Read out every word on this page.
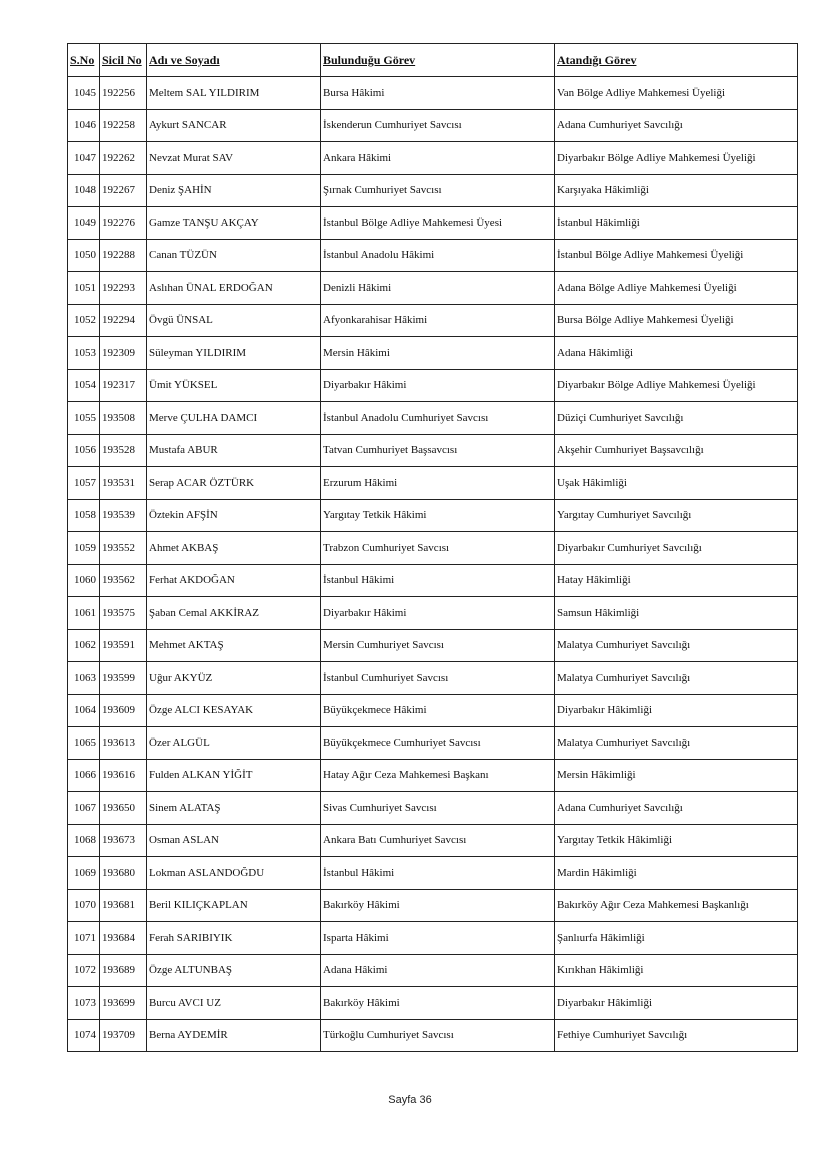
S.No	Sicil No	Adı ve Soyadı	Bulunduğu Görev	Atandığı Görev
1045	192256	Meltem SAL YILDIRIM	Bursa Hâkimi	Van Bölge Adliye Mahkemesi Üyeliği
1046	192258	Aykurt SANCAR	İskenderun Cumhuriyet Savcısı	Adana Cumhuriyet Savcılığı
1047	192262	Nevzat Murat SAV	Ankara Hâkimi	Diyarbakır Bölge Adliye Mahkemesi Üyeliği
1048	192267	Deniz ŞAHİN	Şırnak Cumhuriyet Savcısı	Karşıyaka Hâkimliği
1049	192276	Gamze TANŞU AKÇAY	İstanbul Bölge Adliye Mahkemesi Üyesi	İstanbul Hâkimliği
1050	192288	Canan TÜZÜN	İstanbul Anadolu Hâkimi	İstanbul Bölge Adliye Mahkemesi Üyeliği
1051	192293	Aslıhan ÜNAL ERDOĞAN	Denizli Hâkimi	Adana Bölge Adliye Mahkemesi Üyeliği
1052	192294	Övgü ÜNSAL	Afyonkarahisar Hâkimi	Bursa Bölge Adliye Mahkemesi Üyeliği
1053	192309	Süleyman YILDIRIM	Mersin Hâkimi	Adana Hâkimliği
1054	192317	Ümit YÜKSEL	Diyarbakır Hâkimi	Diyarbakır Bölge Adliye Mahkemesi Üyeliği
1055	193508	Merve ÇULHA DAMCI	İstanbul Anadolu Cumhuriyet Savcısı	Düziçi Cumhuriyet Savcılığı
1056	193528	Mustafa ABUR	Tatvan Cumhuriyet Başsavcısı	Akşehir Cumhuriyet Başsavcılığı
1057	193531	Serap ACAR ÖZTÜRK	Erzurum Hâkimi	Uşak Hâkimliği
1058	193539	Öztekin AFŞİN	Yargıtay Tetkik Hâkimi	Yargıtay Cumhuriyet Savcılığı
1059	193552	Ahmet AKBAŞ	Trabzon Cumhuriyet Savcısı	Diyarbakır Cumhuriyet Savcılığı
1060	193562	Ferhat AKDOĞAN	İstanbul Hâkimi	Hatay Hâkimliği
1061	193575	Şaban Cemal AKKİRAZ	Diyarbakır Hâkimi	Samsun Hâkimliği
1062	193591	Mehmet AKTAŞ	Mersin Cumhuriyet Savcısı	Malatya Cumhuriyet Savcılığı
1063	193599	Uğur AKYÜZ	İstanbul Cumhuriyet Savcısı	Malatya Cumhuriyet Savcılığı
1064	193609	Özge ALCI KESAYAK	Büyükçekmece Hâkimi	Diyarbakır Hâkimliği
1065	193613	Özer ALGÜL	Büyükçekmece Cumhuriyet Savcısı	Malatya Cumhuriyet Savcılığı
1066	193616	Fulden ALKAN YİĞİT	Hatay Ağır Ceza Mahkemesi Başkanı	Mersin Hâkimliği
1067	193650	Sinem ALATAŞ	Sivas Cumhuriyet Savcısı	Adana Cumhuriyet Savcılığı
1068	193673	Osman ASLAN	Ankara Batı Cumhuriyet Savcısı	Yargıtay Tetkik Hâkimliği
1069	193680	Lokman ASLANDOĞDU	İstanbul Hâkimi	Mardin Hâkimliği
1070	193681	Beril KILIÇKAPLAN	Bakırköy Hâkimi	Bakırköy Ağır Ceza Mahkemesi Başkanlığı
1071	193684	Ferah SARIBIYIK	Isparta Hâkimi	Şanlıurfa Hâkimliği
1072	193689	Özge ALTUNBAŞ	Adana Hâkimi	Kırıkhan Hâkimliği
1073	193699	Burcu AVCI UZ	Bakırköy Hâkimi	Diyarbakır Hâkimliği
1074	193709	Berna AYDEMİR	Türkoğlu Cumhuriyet Savcısı	Fethiye Cumhuriyet Savcılığı
Sayfa 36
